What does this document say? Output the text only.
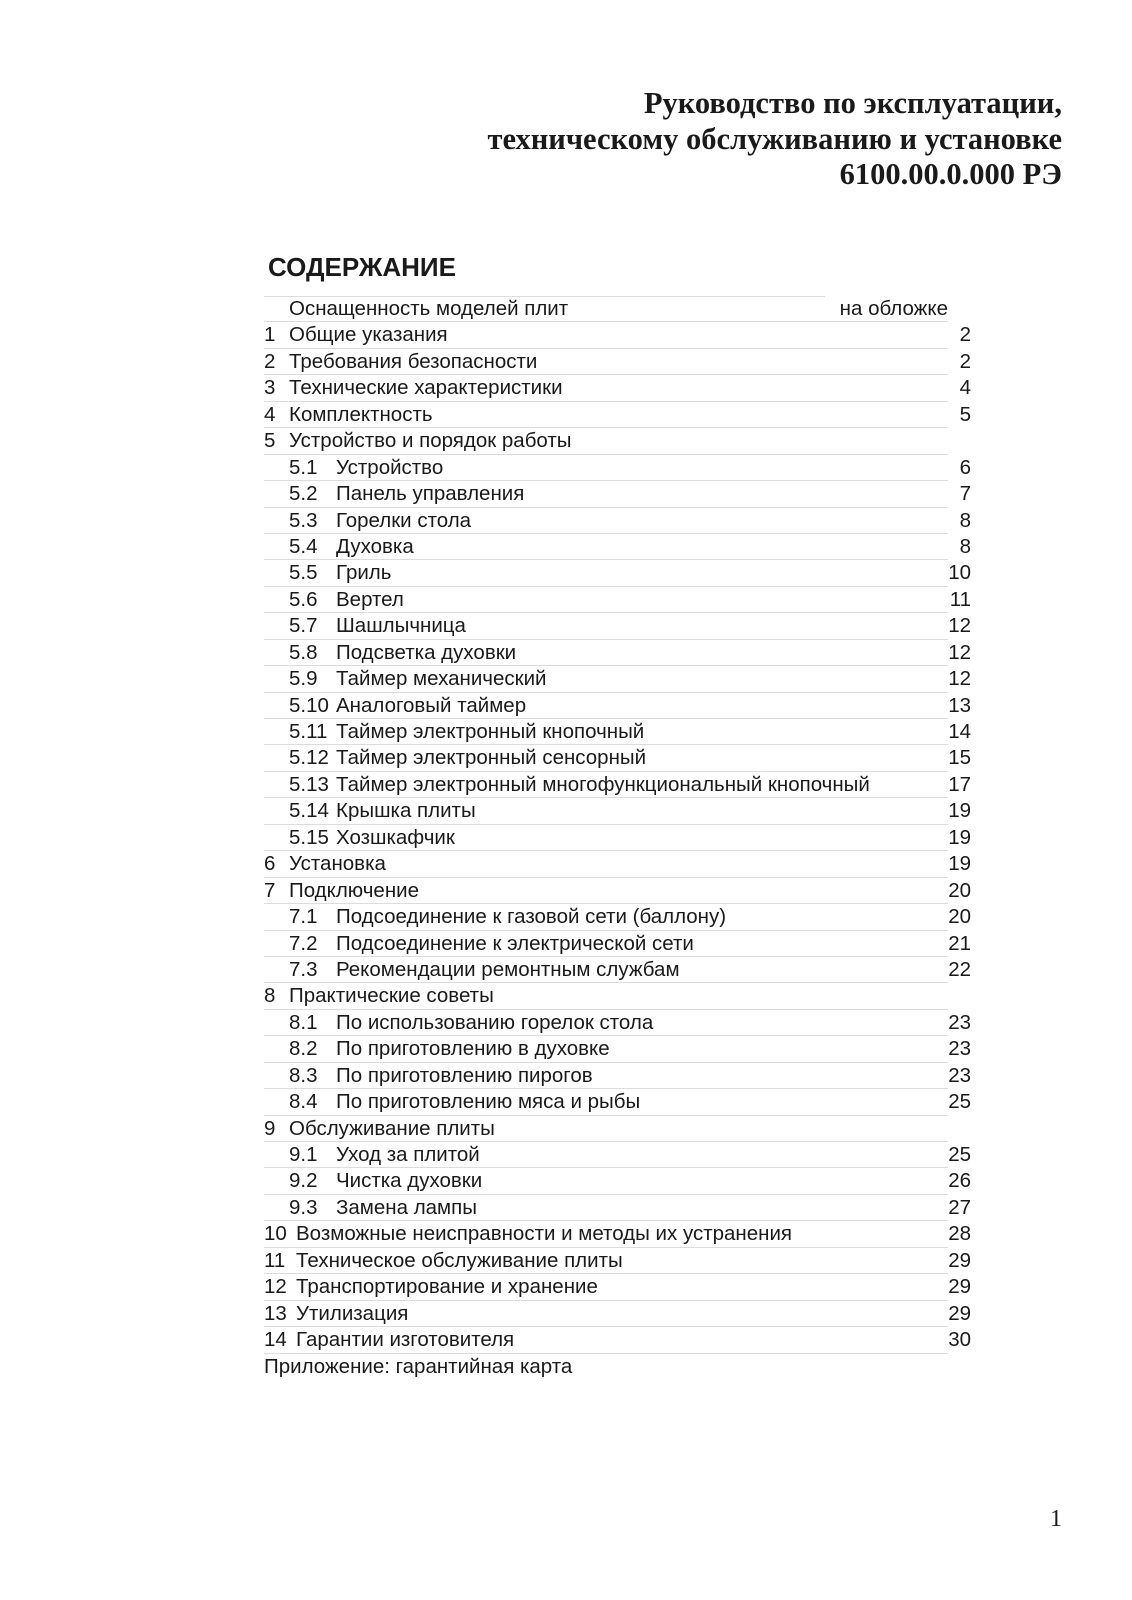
Руководство по эксплуатации,
техническому обслуживанию и установке
6100.00.0.000 РЭ
СОДЕРЖАНИЕ
Оснащенность моделей плит	на обложке
1 Общие указания	2
2 Требования безопасности	2
3 Технические характеристики	4
4 Комплектность	5
5 Устройство и порядок работы
5.1 Устройство	6
5.2 Панель управления	7
5.3 Горелки стола	8
5.4 Духовка	8
5.5 Гриль	10
5.6 Вертел	11
5.7 Шашлычница	12
5.8 Подсветка духовки	12
5.9 Таймер механический	12
5.10 Аналоговый таймер	13
5.11 Таймер электронный кнопочный	14
5.12 Таймер электронный сенсорный	15
5.13 Таймер электронный многофункциональный кнопочный	17
5.14 Крышка плиты	19
5.15 Хозшкафчик	19
6 Установка	19
7 Подключение	20
7.1 Подсоединение к газовой сети (баллону)	20
7.2 Подсоединение к электрической сети	21
7.3 Рекомендации ремонтным службам	22
8 Практические советы
8.1 По использованию горелок стола	23
8.2 По приготовлению в духовке	23
8.3 По приготовлению пирогов	23
8.4 По приготовлению мяса и рыбы	25
9 Обслуживание плиты
9.1 Уход за плитой	25
9.2 Чистка духовки	26
9.3 Замена лампы	27
10 Возможные неисправности и методы их устранения	28
11 Техническое обслуживание плиты	29
12 Транспортирование и хранение	29
13 Утилизация	29
14 Гарантии изготовителя	30
Приложение: гарантийная карта
1
